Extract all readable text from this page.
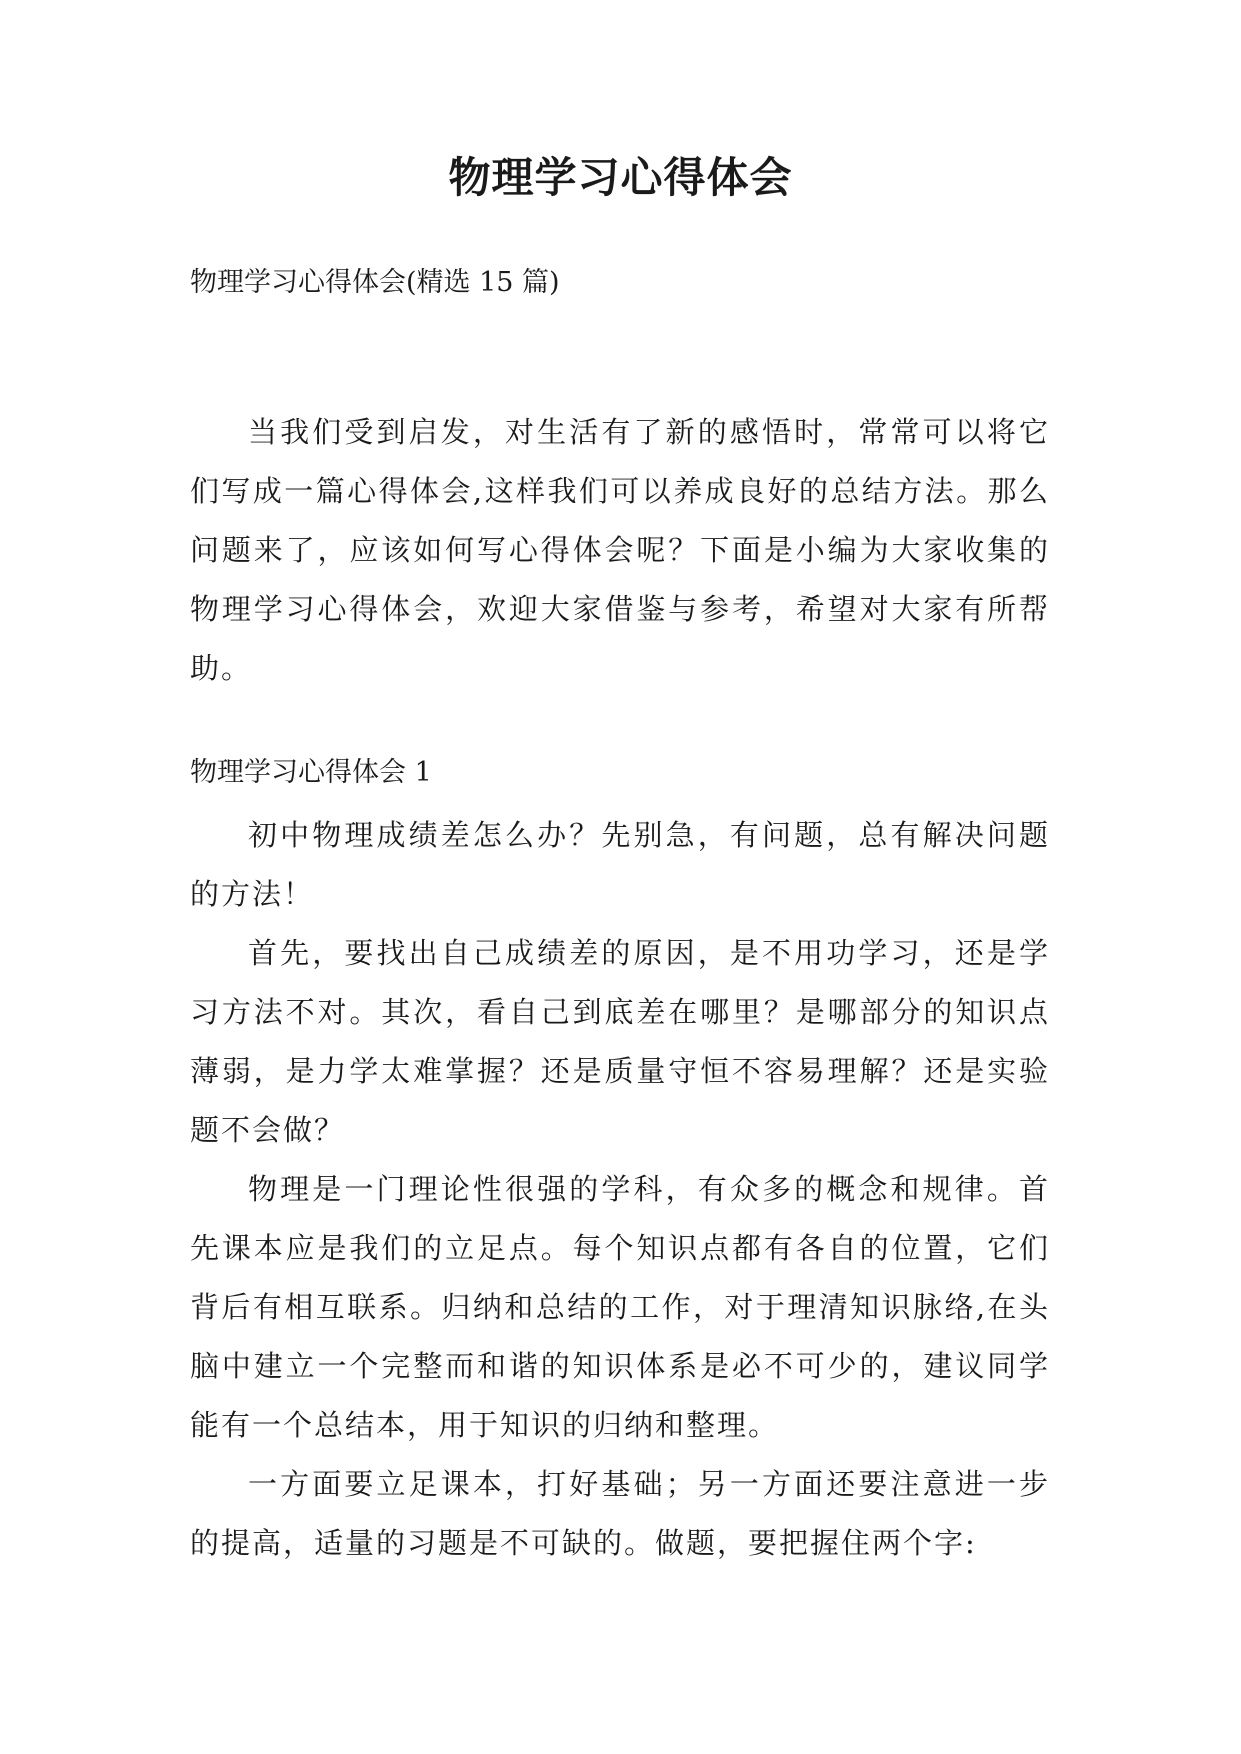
物理学习心得体会
物理学习心得体会(精选 15 篇)

当我们受到启发，对生活有了新的感悟时，常常可以将它们写成一篇心得体会,这样我们可以养成良好的总结方法。那么问题来了，应该如何写心得体会呢？下面是小编为大家收集的物理学习心得体会，欢迎大家借鉴与参考，希望对大家有所帮助。

物理学习心得体会 1

初中物理成绩差怎么办？先别急，有问题，总有解决问题的方法！

首先，要找出自己成绩差的原因，是不用功学习，还是学习方法不对。其次，看自己到底差在哪里？是哪部分的知识点薄弱，是力学太难掌握？还是质量守恒不容易理解？还是实验题不会做？

物理是一门理论性很强的学科，有众多的概念和规律。首先课本应是我们的立足点。每个知识点都有各自的位置，它们背后有相互联系。归纳和总结的工作，对于理清知识脉络,在头脑中建立一个完整而和谐的知识体系是必不可少的，建议同学能有一个总结本，用于知识的归纳和整理。

一方面要立足课本，打好基础；另一方面还要注意进一步的提高，适量的习题是不可缺的。做题，要把握住两个字:
